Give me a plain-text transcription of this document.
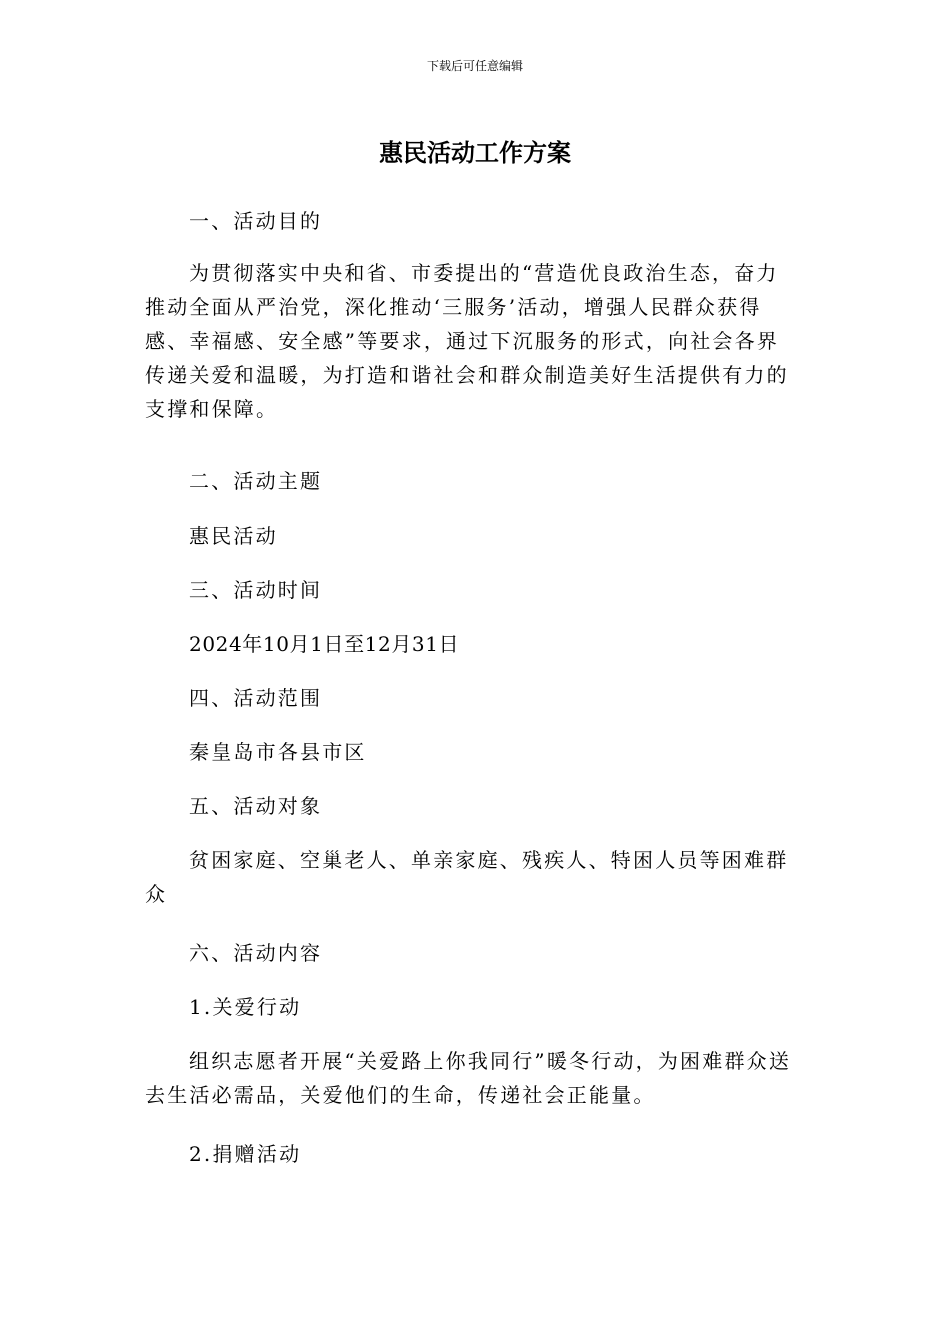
下载后可任意编辑
惠民活动工作方案

一、活动目的

为贯彻落实中央和省、市委提出的“营造优良政治生态，奋力推动全面从严治党，深化推动‘三服务’活动，增强人民群众获得感、幸福感、安全感”等要求，通过下沉服务的形式，向社会各界传递关爱和温暖，为打造和谐社会和群众制造美好生活提供有力的支撑和保障。

二、活动主题

惠民活动

三、活动时间

2024年10月1日至12月31日

四、活动范围

秦皇岛市各县市区

五、活动对象

贫困家庭、空巢老人、单亲家庭、残疾人、特困人员等困难群众

六、活动内容

1.关爱行动

组织志愿者开展“关爱路上你我同行”暖冬行动，为困难群众送去生活必需品，关爱他们的生命，传递社会正能量。

2.捐赠活动
